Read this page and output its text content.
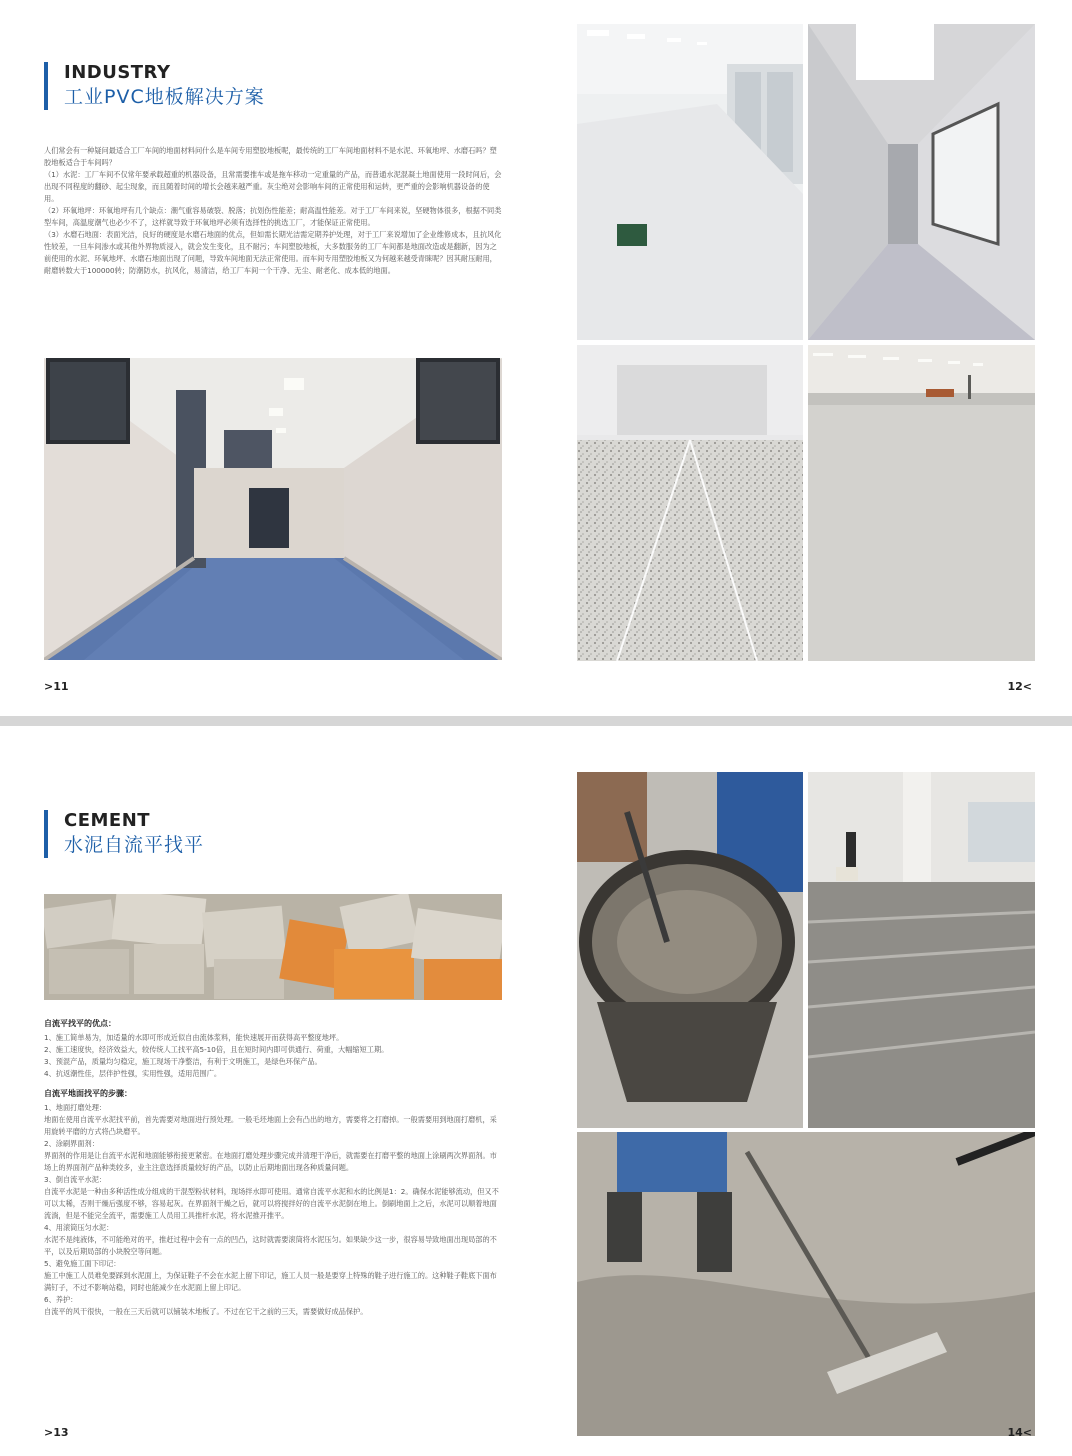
INDUSTRY
工业PVC地板解决方案

人们常会有一种疑问最适合工厂车间的地面材料问什么是车间专用塑胶地板呢，最传统的工厂车间地面材料不是水泥、环氧地坪、水磨石吗？塑胶地板适合于车间吗？

（1）水泥：工厂车间不仅常年要承载超重的机器设备，且常需要推车或是拖车移动一定重量的产品，而普通水泥混凝土地面使用一段时间后，会出现不同程度的翻砂、起尘现象，而且随着时间的增长会越来越严重。灰尘绝对会影响车间的正常使用和运转，更严重的会影响机器设备的使用。

（2）环氧地坪：环氧地坪有几个缺点：潮气重容易破裂、脱落；抗划伤性能差；耐高温性能差。对于工厂车间来说，坚硬物体很多，根据不同类型车间，高温度潮气也必少不了，这样就导致于环氧地坪必须有选择性的挑选工厂，才能保证正常使用。

（3）水磨石地面：表面光洁，良好的硬度是水磨石地面的优点，但如需长期光洁需定期养护处理，对于工厂来说增加了企业维修成本，且抗风化性较差，一旦车间渗水或其他外界物质浸入，就会发生变化，且不耐污；车间塑胶地板，大多数服务的工厂车间都是地面改造或是翻新，因为之前使用的水泥、环氧地坪、水磨石地面出现了问题，导致车间地面无法正常使用。而车间专用塑胶地板又为何越来越受青睐呢？因其耐压耐用，耐磨转数大于100000转；防潮防水，抗风化，易清洁，给工厂车间一个干净、无尘、耐老化、成本低的地面。

>11	12<
CEMENT
水泥自流平找平

自流平找平的优点：

1、施工简单易为，加适量的水即可形成近似自由流体浆料，能快速展开而获得高平整度地坪。

2、施工速度快，经济效益大，较传统人工找平高5-10倍，且在短时间内即可供通行、荷重，大幅缩短工期。

3、预混产品，质量均匀稳定，施工现场干净整洁，有利于文明施工，是绿色环保产品。

4、抗返潮性佳，层伴护性强，实用性强，适用范围广。

自流平地面找平的步骤：

1、地面打磨处理：

地面在使用自流平水泥找平前，首先需要对地面进行预处理。一般毛坯地面上会有凸出的地方，需要将之打磨掉。一般需要用到地面打磨机，采用旋转平磨的方式将凸块磨平。

2、涂刷界面剂：

界面剂的作用是让自流平水泥和地面能够衔接更紧密。在地面打磨处理步骤完成并清理干净后，就需要在打磨平整的地面上涂刷两次界面剂。市场上的界面剂产品种类较多，业主注意选择质量较好的产品，以防止后期地面出现各种质量问题。

3、倒自流平水泥：

自流平水泥是一种由多种活性成分组成的干混型粉状材料，现场拌水即可使用。通常自流平水泥和水的比例是1：2。确保水泥能够流动，但又不可以太稀，否则干燥后强度不够，容易起灰。在界面剂干燥之后，就可以将搅拌好的自流平水泥倒在地上。倒刷地面上之后，水泥可以顺着地面流淌，但是不能完全流平，需要施工人员用工具推杆水泥，将水泥推开推平。

4、用滚筒压匀水泥：

水泥不是纯液体，不可能绝对的平，推赶过程中会有一点的凹凸，这时就需要滚筒将水泥压匀。如果缺少这一步，很容易导致地面出现局部的不平，以及后期局部的小块脱空等问题。

5、避免施工面下印记：

施工中施工人员难免要踩到水泥面上，为保证鞋子不会在水泥上留下印记，施工人员一般是要穿上特殊的鞋子进行施工的。这种鞋子鞋底下面布满钉子，不过不影响站稳，同时也能减少在水泥面上留上印记。

6、养护：

自流平的风干很快，一般在三天后就可以铺装木地板了。不过在它干之前的三天，需要做好成品保护。

>13	14<
